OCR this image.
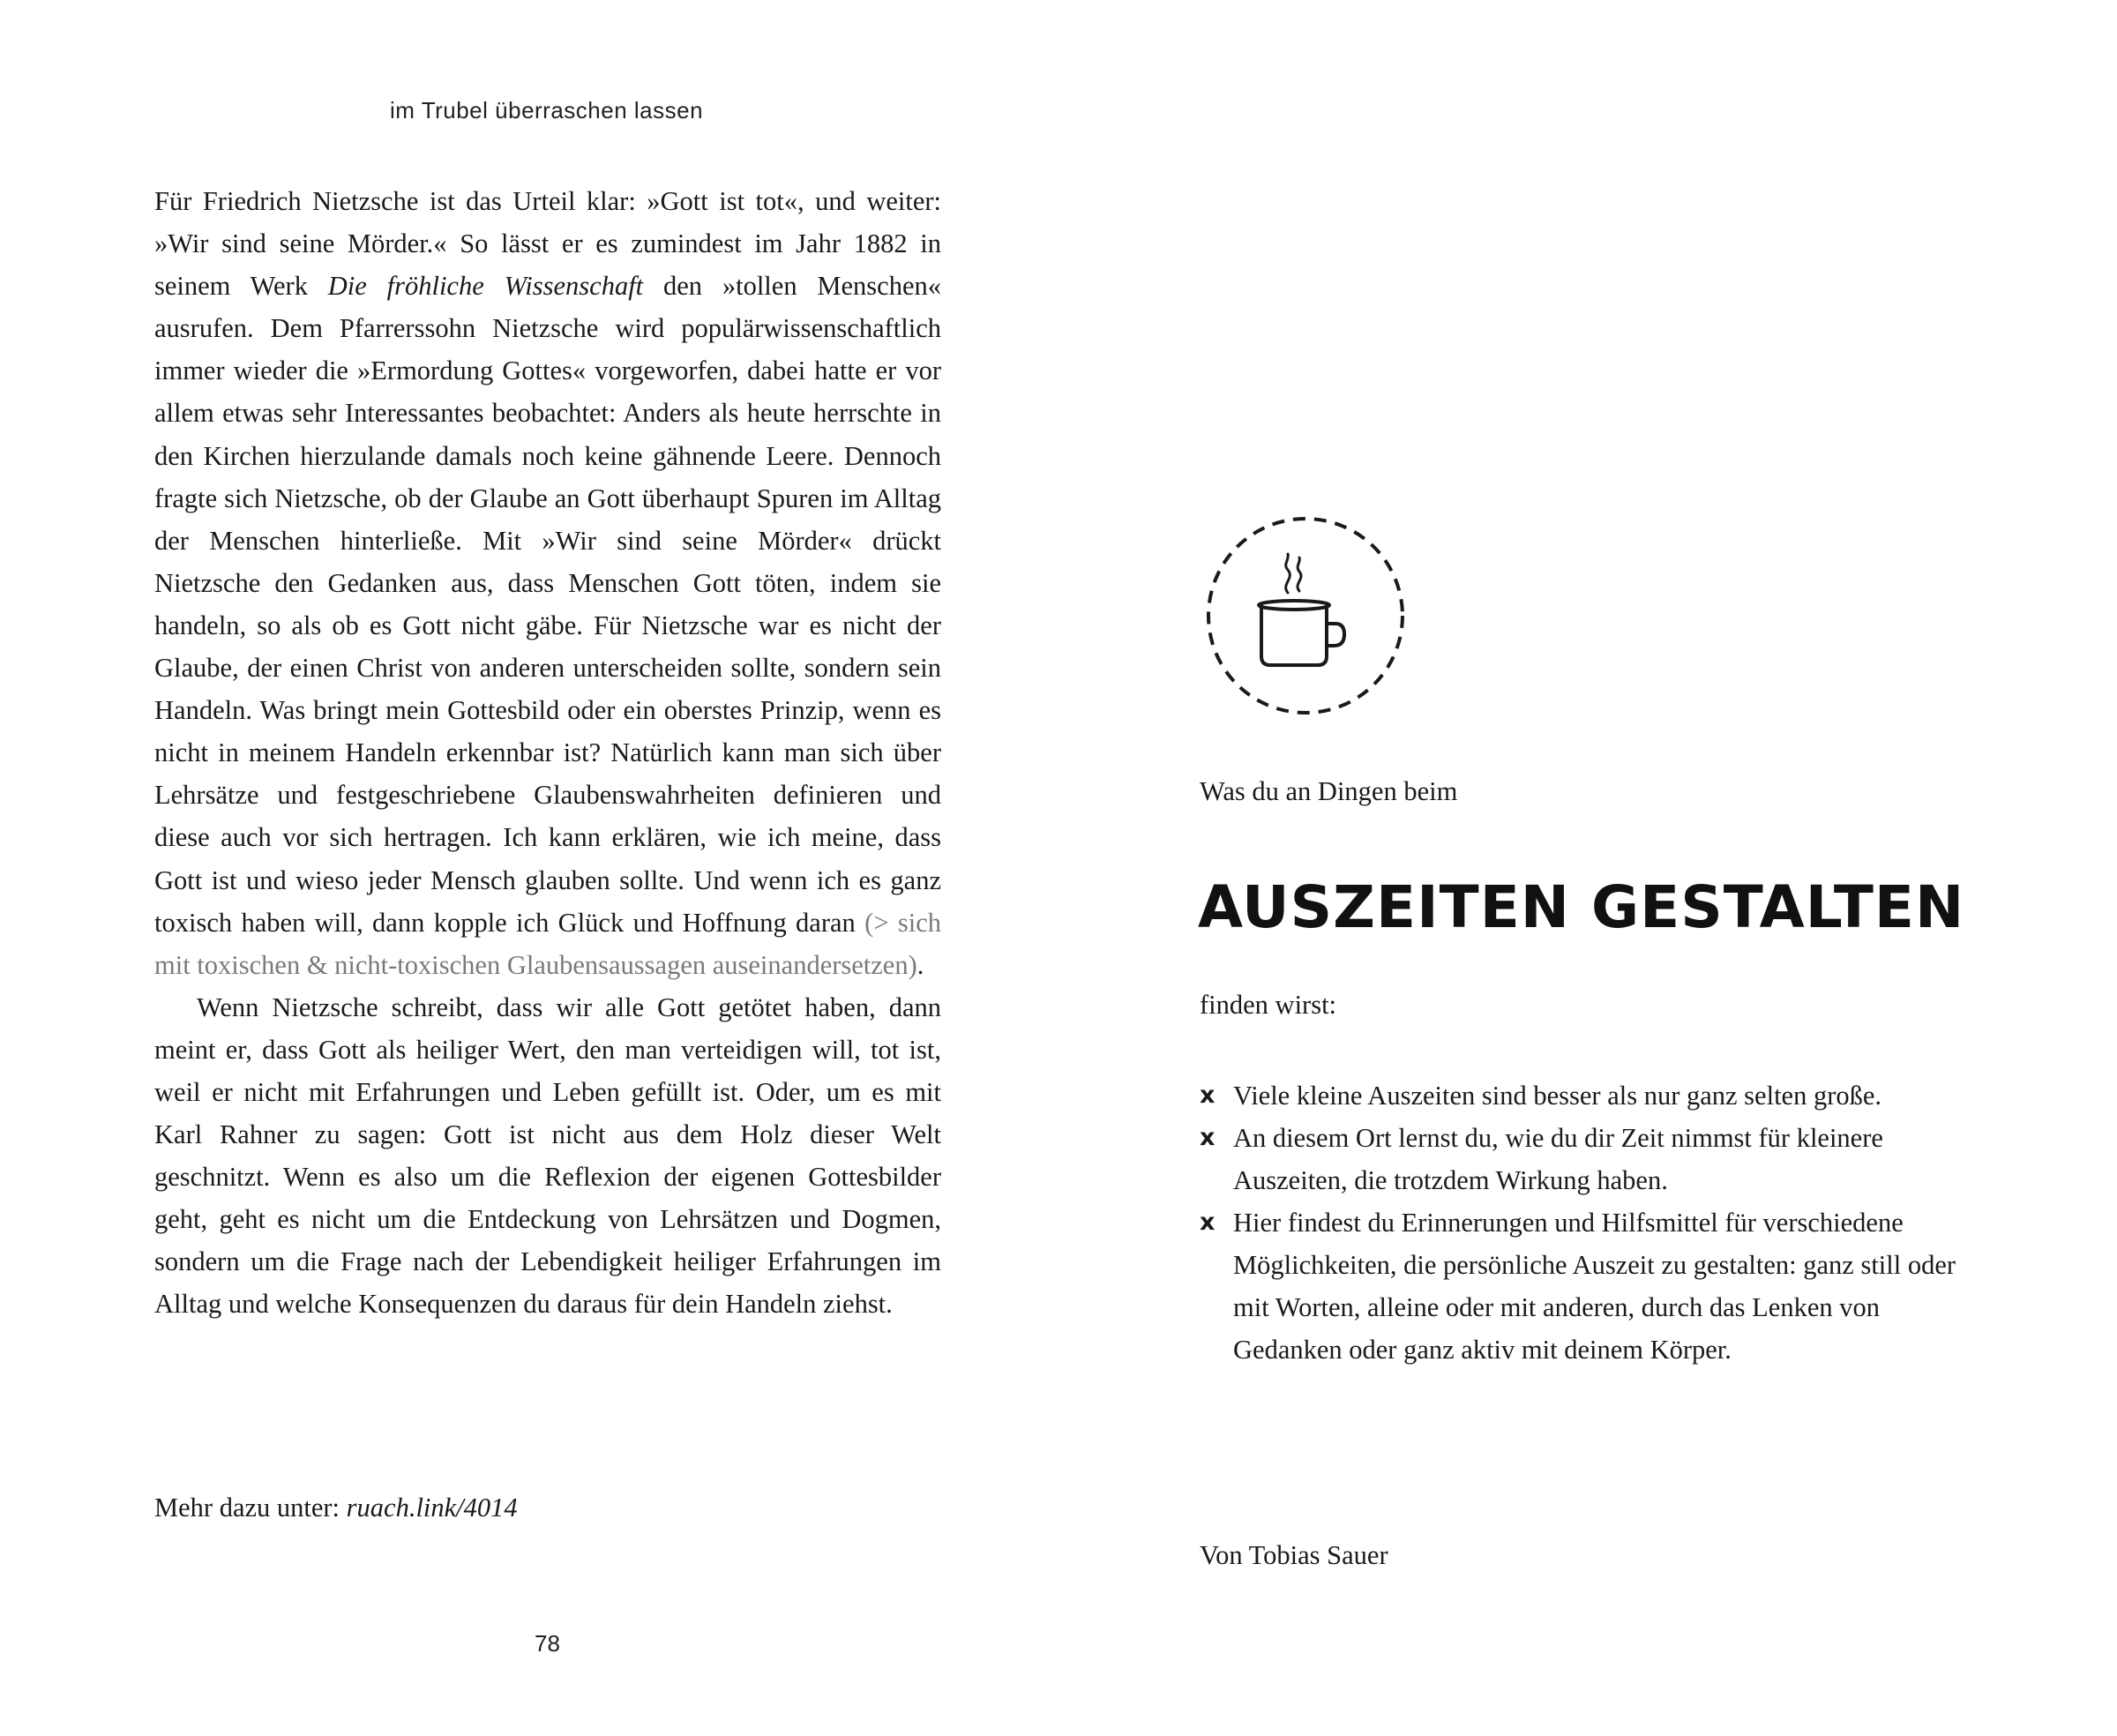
im Trubel überraschen lassen

Für Friedrich Nietzsche ist das Urteil klar: »Gott ist tot«, und weiter: »Wir sind seine Mörder.« So lässt er es zumindest im Jahr 1882 in seinem Werk Die fröhliche Wissenschaft den »tollen Menschen« ausrufen. Dem Pfarrerssohn Nietzsche wird populärwissenschaftlich immer wieder die »Ermordung Gottes« vorgeworfen, dabei hatte er vor allem etwas sehr Interessantes beobachtet: Anders als heute herrschte in den Kirchen hierzulande damals noch keine gähnende Leere. Dennoch fragte sich Nietzsche, ob der Glaube an Gott überhaupt Spuren im Alltag der Menschen hinterließe. Mit »Wir sind seine Mörder« drückt Nietzsche den Gedanken aus, dass Menschen Gott töten, indem sie handeln, so als ob es Gott nicht gäbe. Für Nietzsche war es nicht der Glaube, der einen Christ von anderen unterscheiden sollte, sondern sein Handeln. Was bringt mein Gottesbild oder ein oberstes Prinzip, wenn es nicht in meinem Handeln erkennbar ist? Natürlich kann man sich über Lehrsätze und festgeschriebene Glaubenswahrheiten definieren und diese auch vor sich hertragen. Ich kann erklären, wie ich meine, dass Gott ist und wieso jeder Mensch glauben sollte. Und wenn ich es ganz toxisch haben will, dann kopple ich Glück und Hoffnung daran (> sich mit toxischen & nicht-toxischen Glaubensaussagen auseinandersetzen).

Wenn Nietzsche schreibt, dass wir alle Gott getötet haben, dann meint er, dass Gott als heiliger Wert, den man verteidigen will, tot ist, weil er nicht mit Erfahrungen und Leben gefüllt ist. Oder, um es mit Karl Rahner zu sagen: Gott ist nicht aus dem Holz dieser Welt geschnitzt. Wenn es also um die Reflexion der eigenen Gottesbilder geht, geht es nicht um die Entdeckung von Lehrsätzen und Dogmen, sondern um die Frage nach der Lebendigkeit heiliger Erfahrungen im Alltag und welche Konsequenzen du daraus für dein Handeln ziehst.

Mehr dazu unter: ruach.link/4014
78
Was du an Dingen beim
AUSZEITEN GESTALTEN
finden wirst:
x Viele kleine Auszeiten sind besser als nur ganz selten große.
x An diesem Ort lernst du, wie du dir Zeit nimmst für kleinere Auszeiten, die trotzdem Wirkung haben.
x Hier findest du Erinnerungen und Hilfsmittel für verschiedene Möglichkeiten, die persönliche Auszeit zu gestalten: ganz still oder mit Worten, alleine oder mit anderen, durch das Lenken von Gedanken oder ganz aktiv mit deinem Körper.
Von Tobias Sauer
